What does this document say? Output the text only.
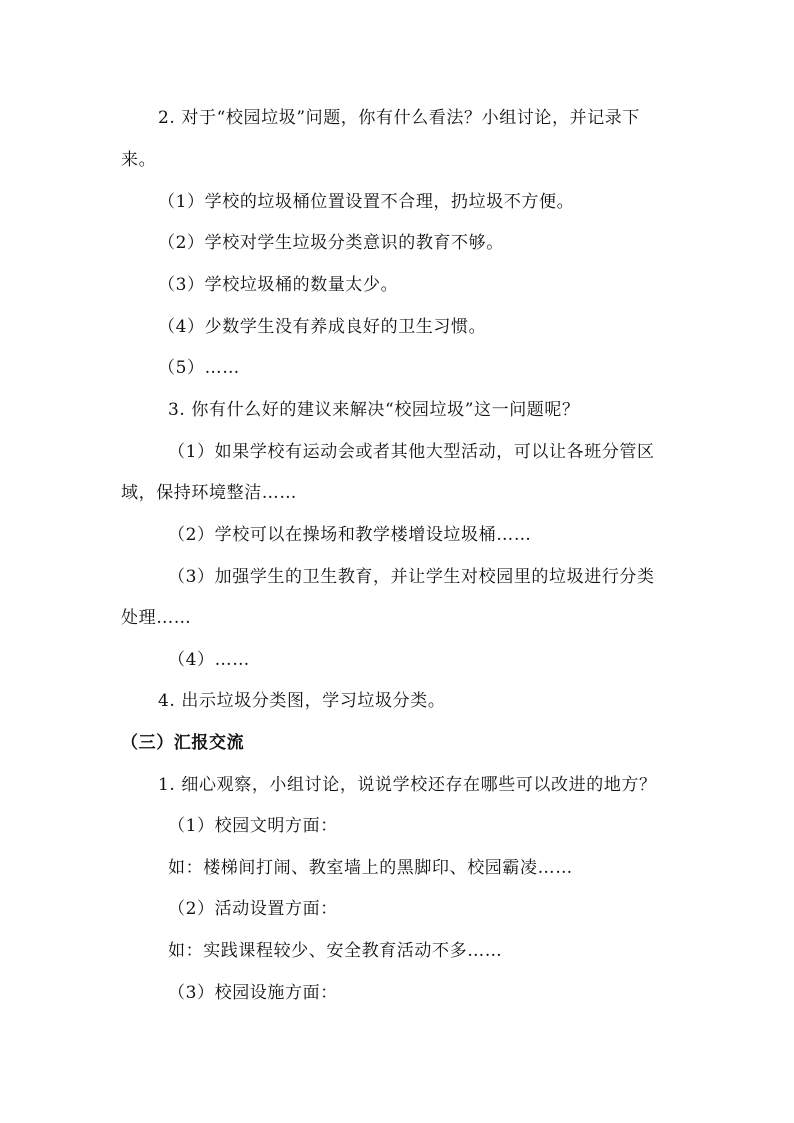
2. 对于“校园垃圾”问题，你有什么看法？小组讨论，并记录下
来。
（1）学校的垃圾桶位置设置不合理，扔垃圾不方便。
（2）学校对学生垃圾分类意识的教育不够。
（3）学校垃圾桶的数量太少。
（4）少数学生没有养成良好的卫生习惯。
（5）……
3. 你有什么好的建议来解决“校园垃圾”这一问题呢？
（1）如果学校有运动会或者其他大型活动，可以让各班分管区
域，保持环境整洁……
（2）学校可以在操场和教学楼增设垃圾桶……
（3）加强学生的卫生教育，并让学生对校园里的垃圾进行分类
处理……
（4）……
4. 出示垃圾分类图，学习垃圾分类。
（三）汇报交流
1. 细心观察，小组讨论，说说学校还存在哪些可以改进的地方？
（1）校园文明方面：
如：楼梯间打闹、教室墙上的黑脚印、校园霸凌……
（2）活动设置方面：
如：实践课程较少、安全教育活动不多……
（3）校园设施方面：
